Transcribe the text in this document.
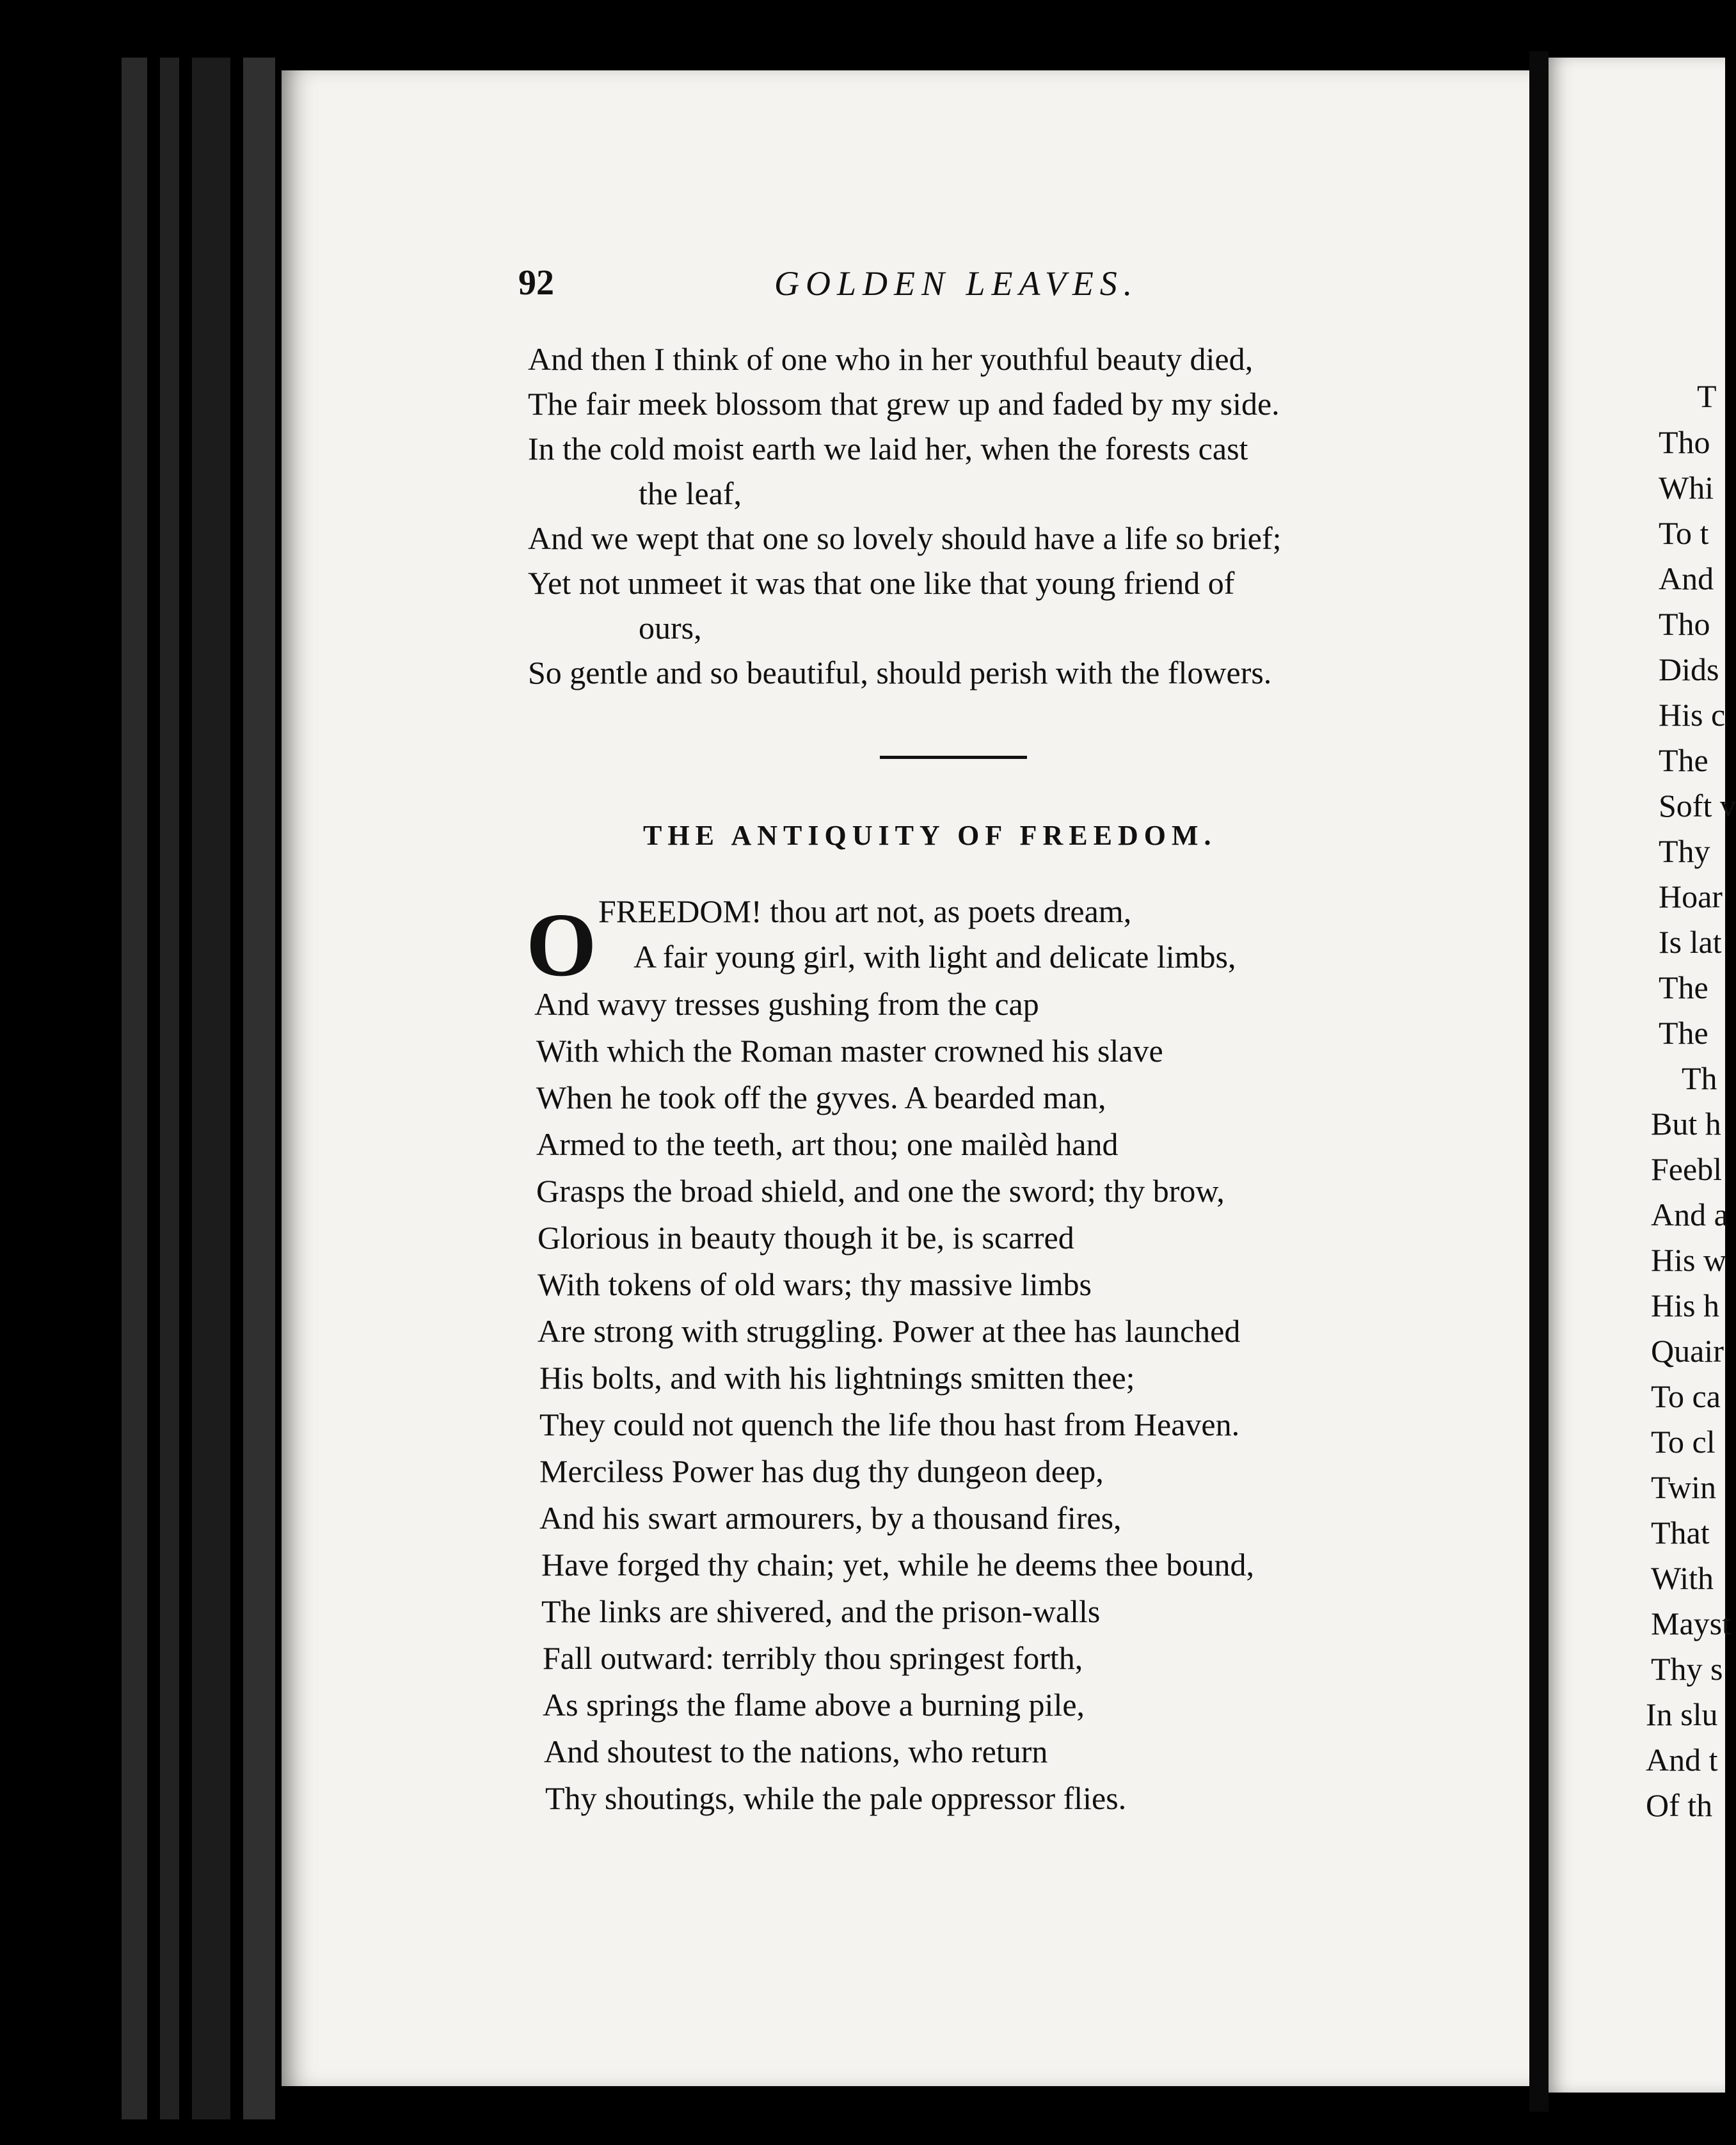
92	GOLDEN LEAVES.
And then I think of one who in her youthful beauty died,
The fair meek blossom that grew up and faded by my side.
In the cold moist earth we laid her, when the forests cast
the leaf,
And we wept that one so lovely should have a life so brief;
Yet not unmeet it was that one like that young friend of
ours,
So gentle and so beautiful, should perish with the flowers.
THE ANTIQUITY OF FREEDOM.
O FREEDOM! thou art not, as poets dream,
A fair young girl, with light and delicate limbs,
And wavy tresses gushing from the cap
With which the Roman master crowned his slave
When he took off the gyves. A bearded man,
Armed to the teeth, art thou; one mailèd hand
Grasps the broad shield, and one the sword; thy brow,
Glorious in beauty though it be, is scarred
With tokens of old wars; thy massive limbs
Are strong with struggling. Power at thee has launched
His bolts, and with his lightnings smitten thee;
They could not quench the life thou hast from Heaven.
Merciless Power has dug thy dungeon deep,
And his swart armourers, by a thousand fires,
Have forged thy chain; yet, while he deems thee bound,
The links are shivered, and the prison-walls
Fall outward: terribly thou springest forth,
As springs the flame above a burning pile,
And shoutest to the nations, who return
Thy shoutings, while the pale oppressor flies.
T
Tho
Whi
To t
And
Tho
Dids
His c
The
Soft v
Thy
Hoar
Is lat
The
The
Th
But h
Feebl
And a
His w
His h
Quair
To ca
To cl
Twin
That
With
Mayst
Thy s
In slu
And t
Of th
